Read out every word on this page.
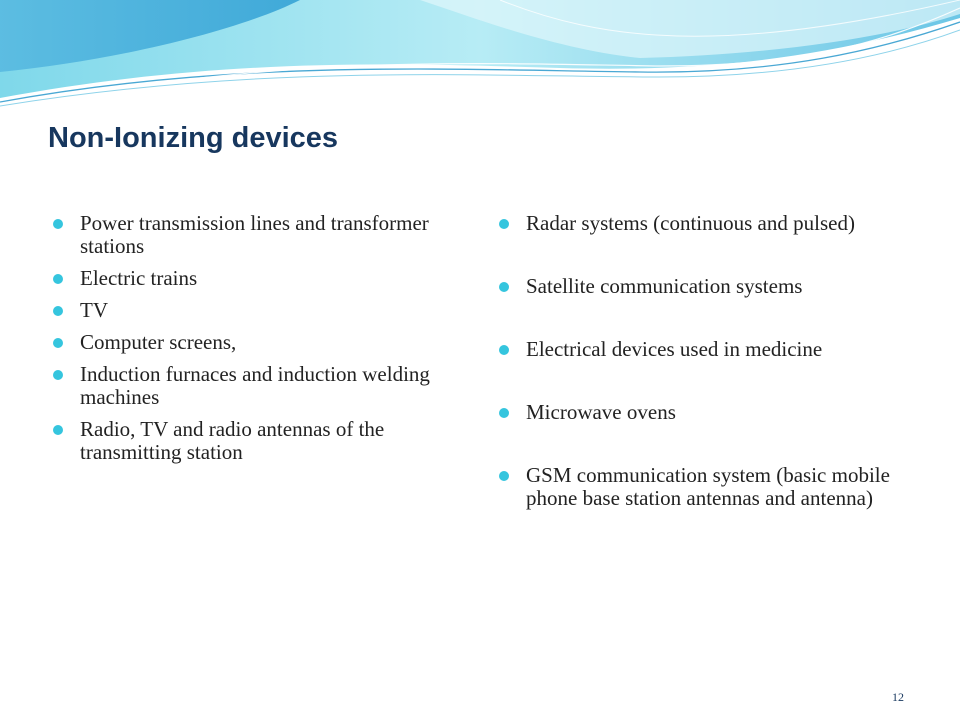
Non-Ionizing devices
Power transmission lines and transformer stations
Electric trains
TV
Computer screens,
Induction furnaces and induction welding machines
Radio, TV and radio antennas of the transmitting station
Radar systems (continuous and pulsed)
Satellite communication systems
Electrical devices used in medicine
Microwave ovens
GSM communication system (basic mobile phone base station antennas and antenna)
12
